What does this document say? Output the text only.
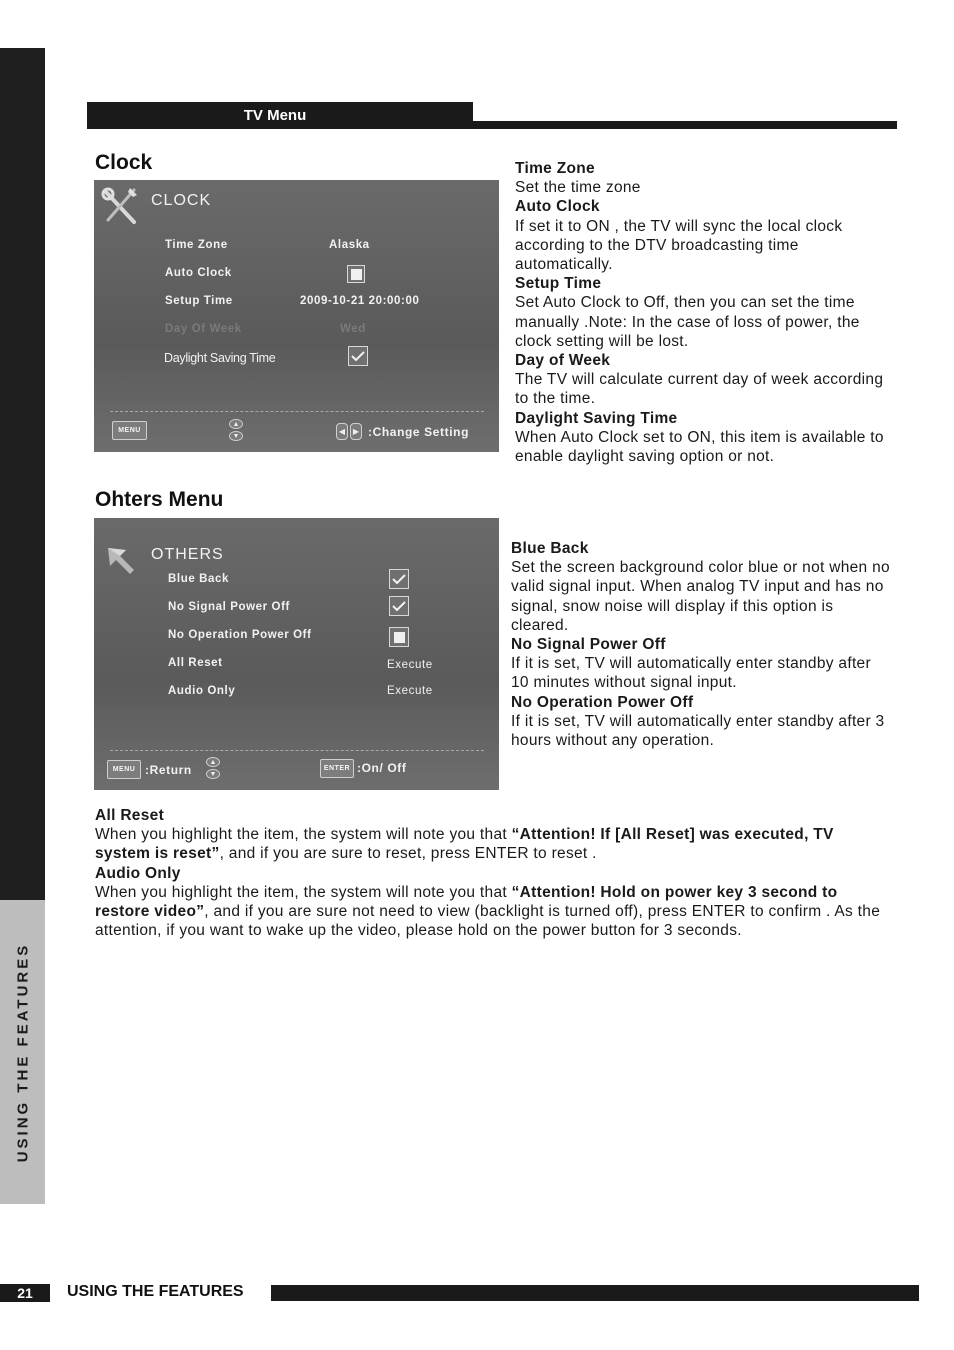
USING THE FEATURES
TV Menu
Clock
CLOCK
Time Zone	Alaska
Auto Clock
Setup Time	2009-10-21 20:00:00
Day Of Week	Wed
Daylight Saving Time
MENU
▲
▼	◀ ▶ :Change Setting

Time Zone

Set the time zone

Auto Clock

If set it to ON , the TV will sync the local clock according to the DTV broadcasting time automatically.

Setup Time

Set Auto Clock to Off, then you can set the time manually .Note: In the case of loss of power, the clock setting will be lost.

Day of Week

The TV will calculate current day of week according to the time.

Daylight Saving Time

When Auto Clock set to ON, this item is available to enable daylight saving option or not.

Ohters Menu
OTHERS
Blue Back
No Signal Power Off
No Operation Power Off
All Reset	Execute
Audio Only	Execute
MENU :Return
▲
▼
ENTER :On/ Off

Blue Back

Set the screen background color blue or not when no valid signal input. When analog TV input and has no signal, snow noise will display if this option is cleared.

No Signal Power Off

If it is set, TV will automatically enter standby after 10 minutes without signal input.

No Operation Power Off

If it is set, TV will automatically enter standby after 3 hours without any operation.

All Reset

When you highlight the item, the system will note you that “Attention! If [All Reset] was executed, TV system is reset”, and if you are sure to reset, press ENTER to reset .

Audio Only

When you highlight the item, the system will note you that “Attention! Hold on power key 3 second to restore video”, and if you are sure not need to view (backlight is turned off), press ENTER to confirm . As the attention, if you want to wake up the video, please hold on the power button for 3 seconds.

21	USING THE FEATURES
